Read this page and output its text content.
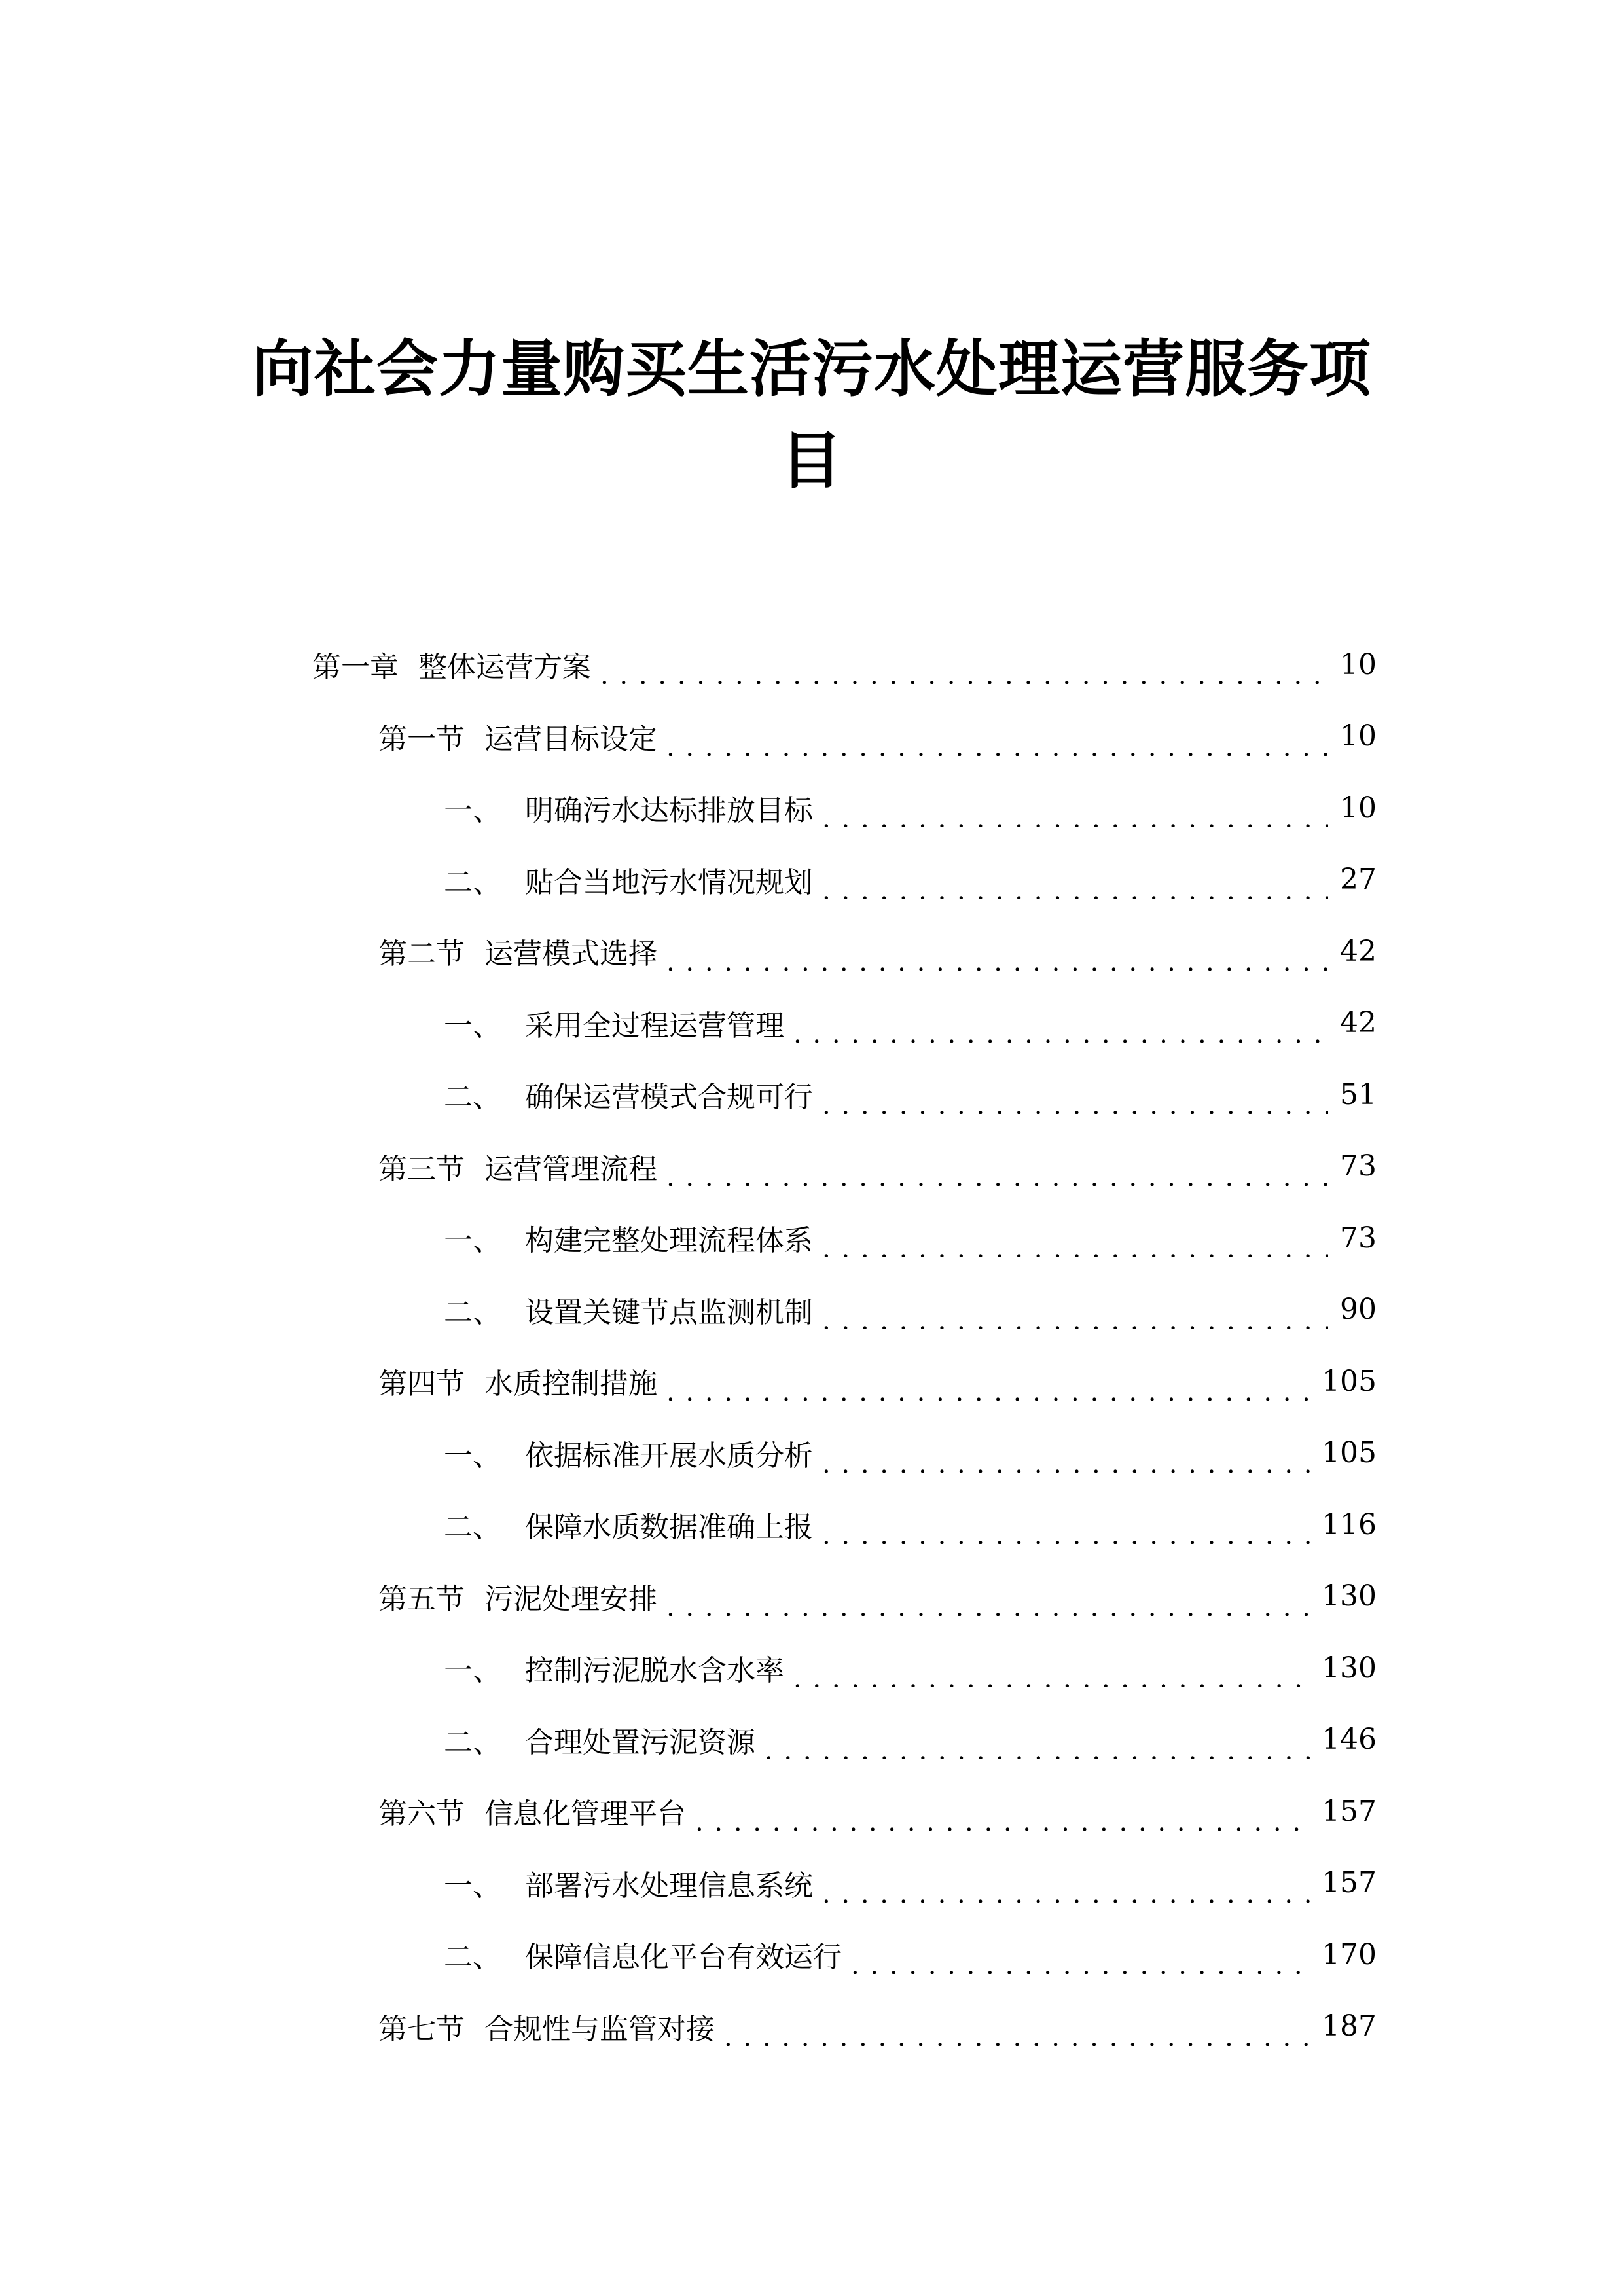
向社会力量购买生活污水处理运营服务项目
第一章 整体运营方案 . . .	10
第一节 运营目标设定 . . .	10
一、 明确污水达标排放目标 . . .	10
二、 贴合当地污水情况规划 . . .	27
第二节 运营模式选择 . . .	42
一、 采用全过程运营管理 . . .	42
二、 确保运营模式合规可行 . . .	51
第三节 运营管理流程 . . .	73
一、 构建完整处理流程体系 . . .	73
二、 设置关键节点监测机制 . . .	90
第四节 水质控制措施 . . .	105
一、 依据标准开展水质分析 . . .	105
二、 保障水质数据准确上报 . . .	116
第五节 污泥处理安排 . . .	130
一、 控制污泥脱水含水率 . . .	130
二、 合理处置污泥资源 . . .	146
第六节 信息化管理平台 . . .	157
一、 部署污水处理信息系统 . . .	157
二、 保障信息化平台有效运行 . . .	170
第七节 合规性与监管对接 . . .	187
